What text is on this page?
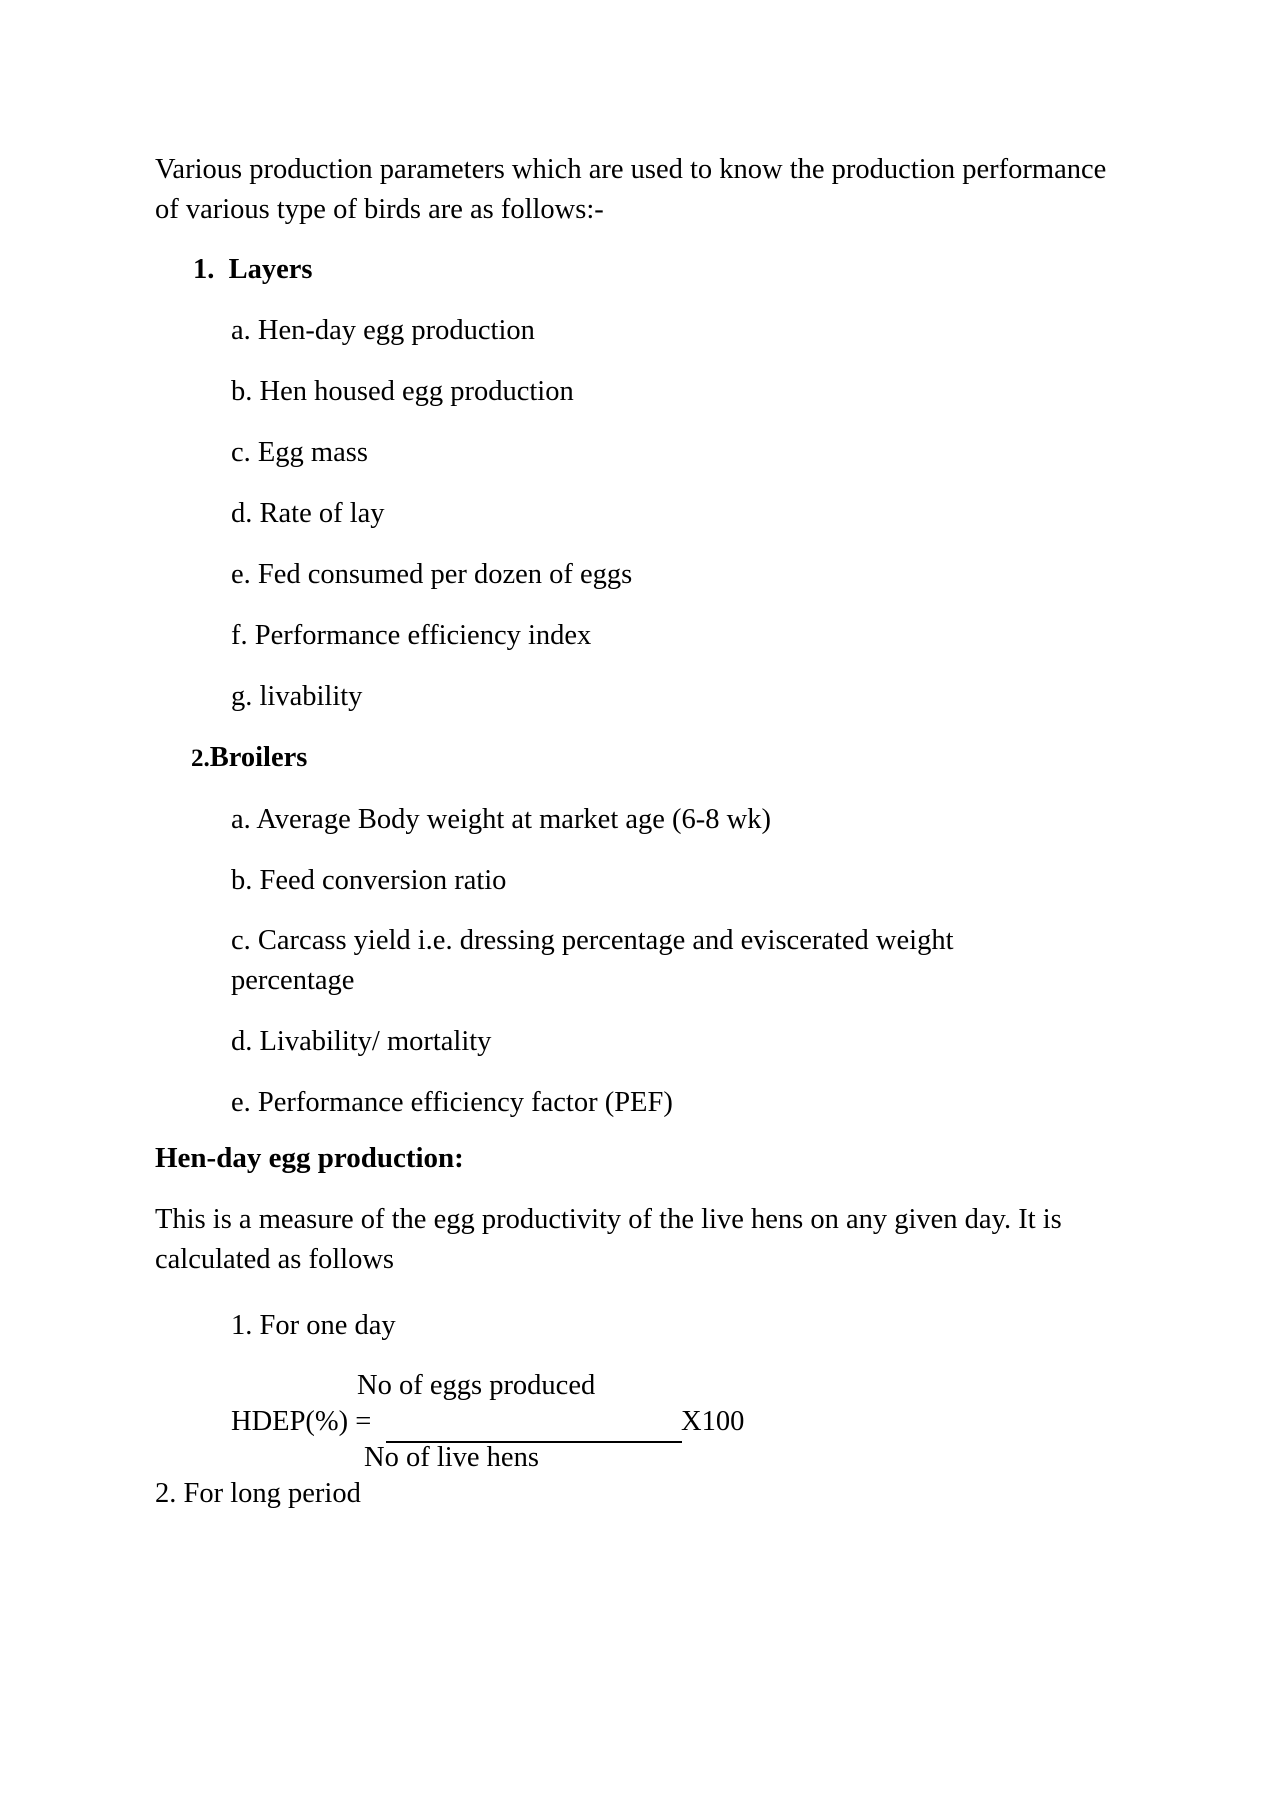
Various production parameters which are used to know the production performance of various type of birds are as follows:-

1. Layers
a. Hen-day egg production
b. Hen housed egg production
c. Egg mass
d. Rate of lay
e. Fed consumed per dozen of eggs
f. Performance efficiency index
g. livability
2.Broilers
a. Average Body weight at market age (6-8 wk)
b. Feed conversion ratio
c. Carcass yield i.e. dressing percentage and eviscerated weight percentage
d. Livability/ mortality
e. Performance efficiency factor (PEF)
Hen-day egg production:

This is a measure of the egg productivity of the live hens on any given day. It is calculated as follows

1. For one day
No of eggs produced
HDEP(%) =	X100
No of live hens
2. For long period
